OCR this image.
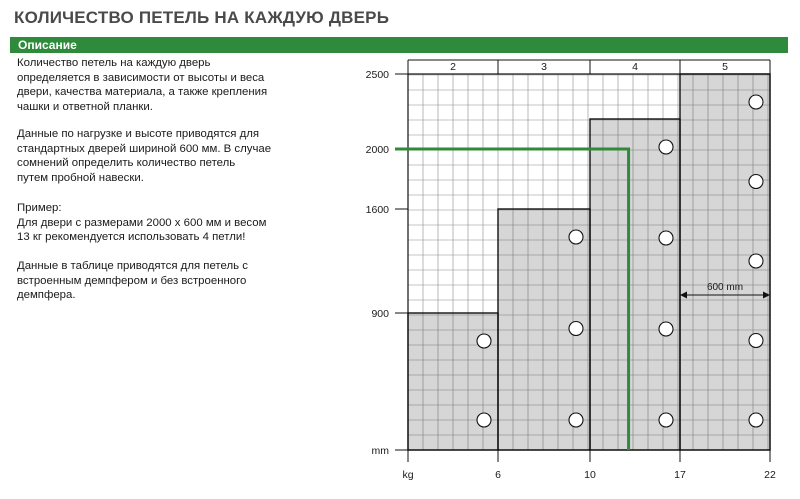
КОЛИЧЕСТВО ПЕТЕЛЬ НА КАЖДУЮ ДВЕРЬ
Описание
Количество петель на каждую дверь
определяется в зависимости от высоты и веса
двери, качества материала, а также крепления
чашки и ответной планки.
Данные по нагрузке и высоте приводятся для
стандартных дверей шириной 600 мм. В случае
сомнений определить количество петель
путем пробной навески.
Пример:
Для двери с размерами 2000 x 600 мм и весом
13 кг рекомендуется использовать 4 петли!
Данные в таблице приводятся для петель с
встроенным демпфером и без встроенного
демпфера.
2	3	4	5
900
1600
2000
2500
mm
kg	6	10	17	22
600 mm
